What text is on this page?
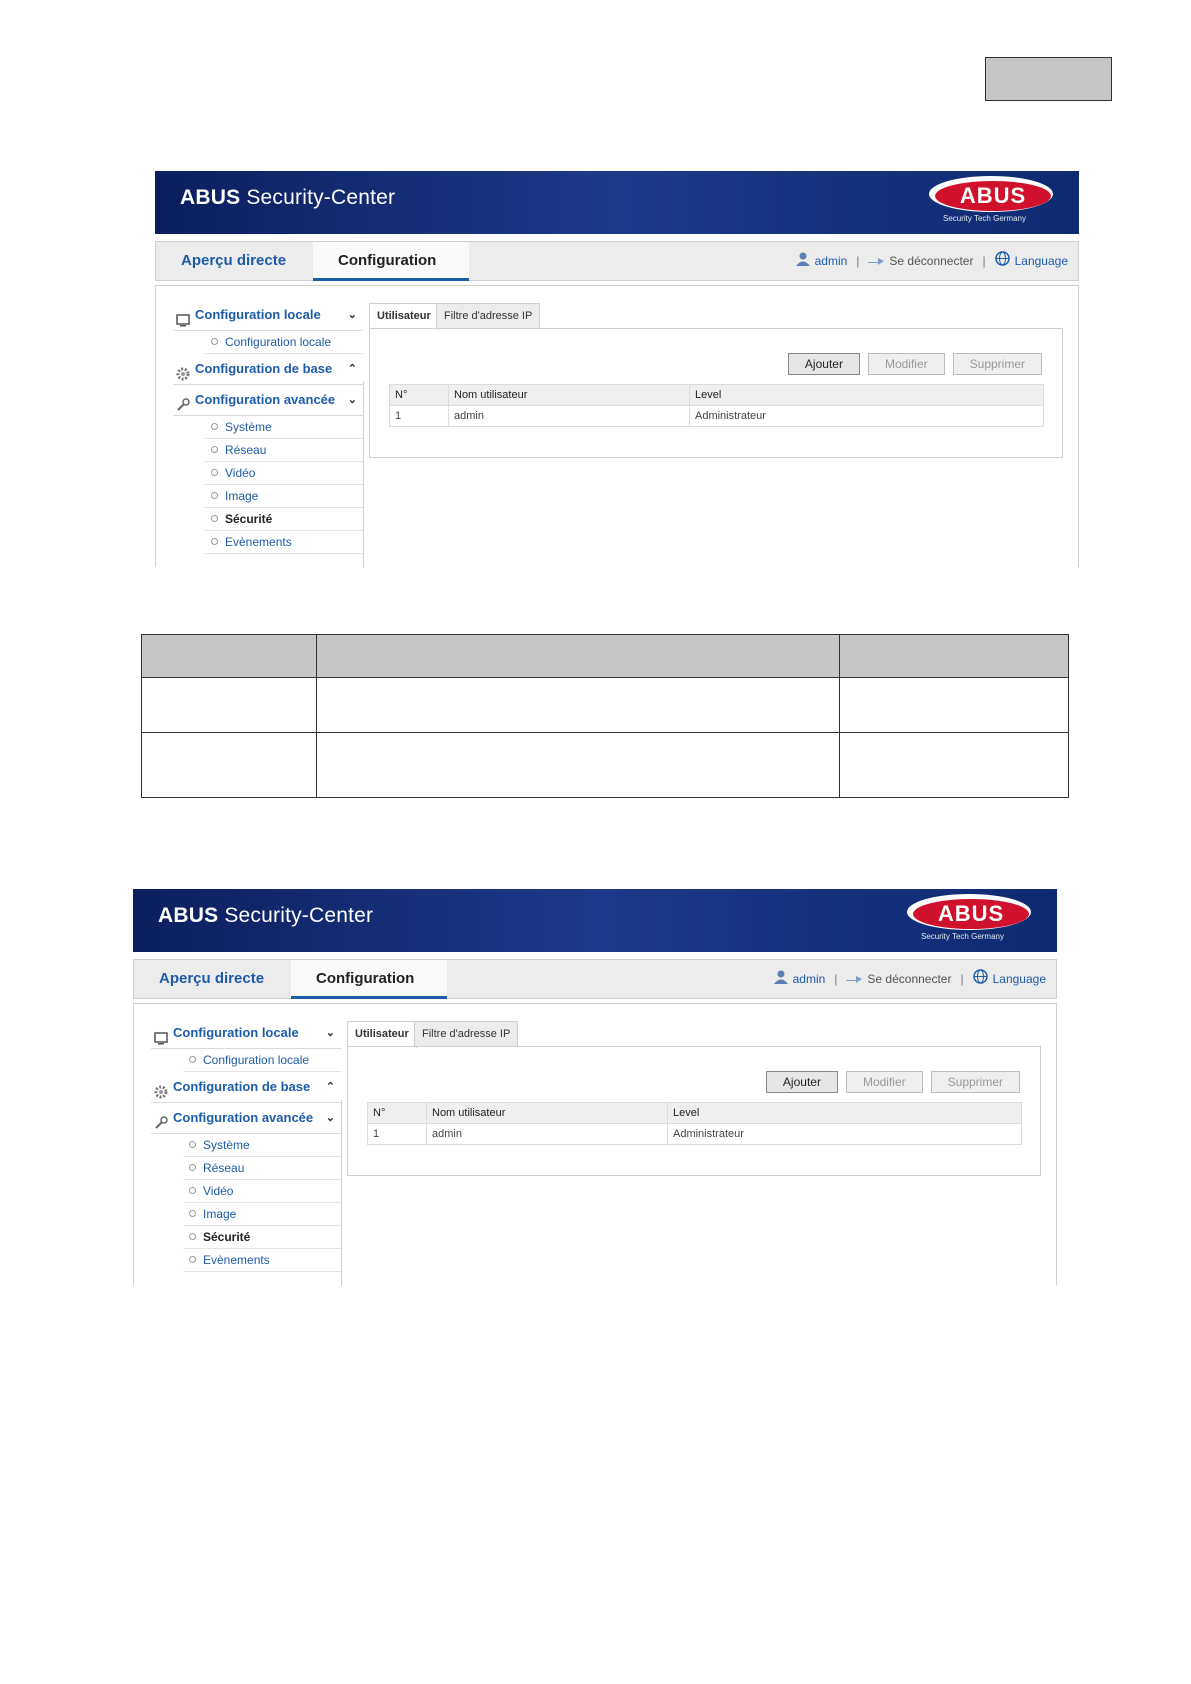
ABUS Security-Center	ABUS
Security Tech Germany
Aperçu directe	Configuration	admin |	Se déconnecter | Language
Configuration locale ⌄
Configuration locale
Configuration de base ⌃
Configuration avancée ⌄
Système
Réseau
Vidéo
Image
Sécurité
Evènements
Utilisateur	Filtre d'adresse IP
Ajouter	Modifier	Supprimer
N°	Nom utilisateur	Level
1	admin	Administrateur

ABUS Security-Center	ABUS
Security Tech Germany
Aperçu directe	Configuration	admin |	Se déconnecter | Language
Configuration locale ⌄
Configuration locale
Configuration de base ⌃
Configuration avancée ⌄
Système
Réseau
Vidéo
Image
Sécurité
Evènements
Utilisateur	Filtre d'adresse IP
Ajouter	Modifier	Supprimer
N°	Nom utilisateur	Level
1	admin	Administrateur
